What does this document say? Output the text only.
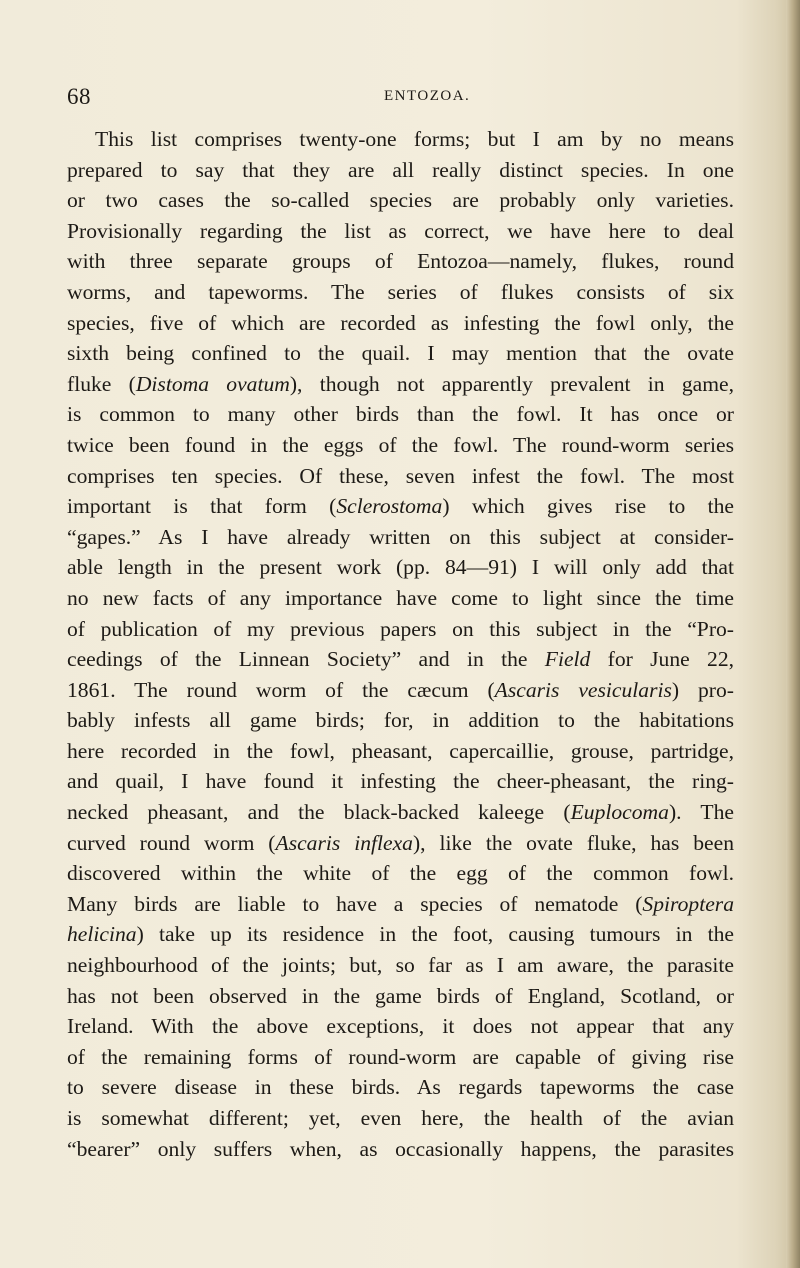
68	ENTOZOA.
This list comprises twenty-one forms; but I am by no means
prepared to say that they are all really distinct species. In one
or two cases the so-called species are probably only varieties.
Provisionally regarding the list as correct, we have here to deal
with three separate groups of Entozoa—namely, flukes, round
worms, and tapeworms. The series of flukes consists of six
species, five of which are recorded as infesting the fowl only, the
sixth being confined to the quail. I may mention that the ovate
fluke (Distoma ovatum), though not apparently prevalent in game,
is common to many other birds than the fowl. It has once or
twice been found in the eggs of the fowl. The round-worm series
comprises ten species. Of these, seven infest the fowl. The most
important is that form (Sclerostoma) which gives rise to the
“gapes.” As I have already written on this subject at consider-
able length in the present work (pp. 84—91) I will only add that
no new facts of any importance have come to light since the time
of publication of my previous papers on this subject in the “Pro-
ceedings of the Linnean Society” and in the Field for June 22,
1861. The round worm of the cæcum (Ascaris vesicularis) pro-
bably infests all game birds; for, in addition to the habitations
here recorded in the fowl, pheasant, capercaillie, grouse, partridge,
and quail, I have found it infesting the cheer-pheasant, the ring-
necked pheasant, and the black-backed kaleege (Euplocoma). The
curved round worm (Ascaris inflexa), like the ovate fluke, has been
discovered within the white of the egg of the common fowl.
Many birds are liable to have a species of nematode (Spiroptera
helicina) take up its residence in the foot, causing tumours in the
neighbourhood of the joints; but, so far as I am aware, the parasite
has not been observed in the game birds of England, Scotland, or
Ireland. With the above exceptions, it does not appear that any
of the remaining forms of round-worm are capable of giving rise
to severe disease in these birds. As regards tapeworms the case
is somewhat different; yet, even here, the health of the avian
“bearer” only suffers when, as occasionally happens, the parasites
